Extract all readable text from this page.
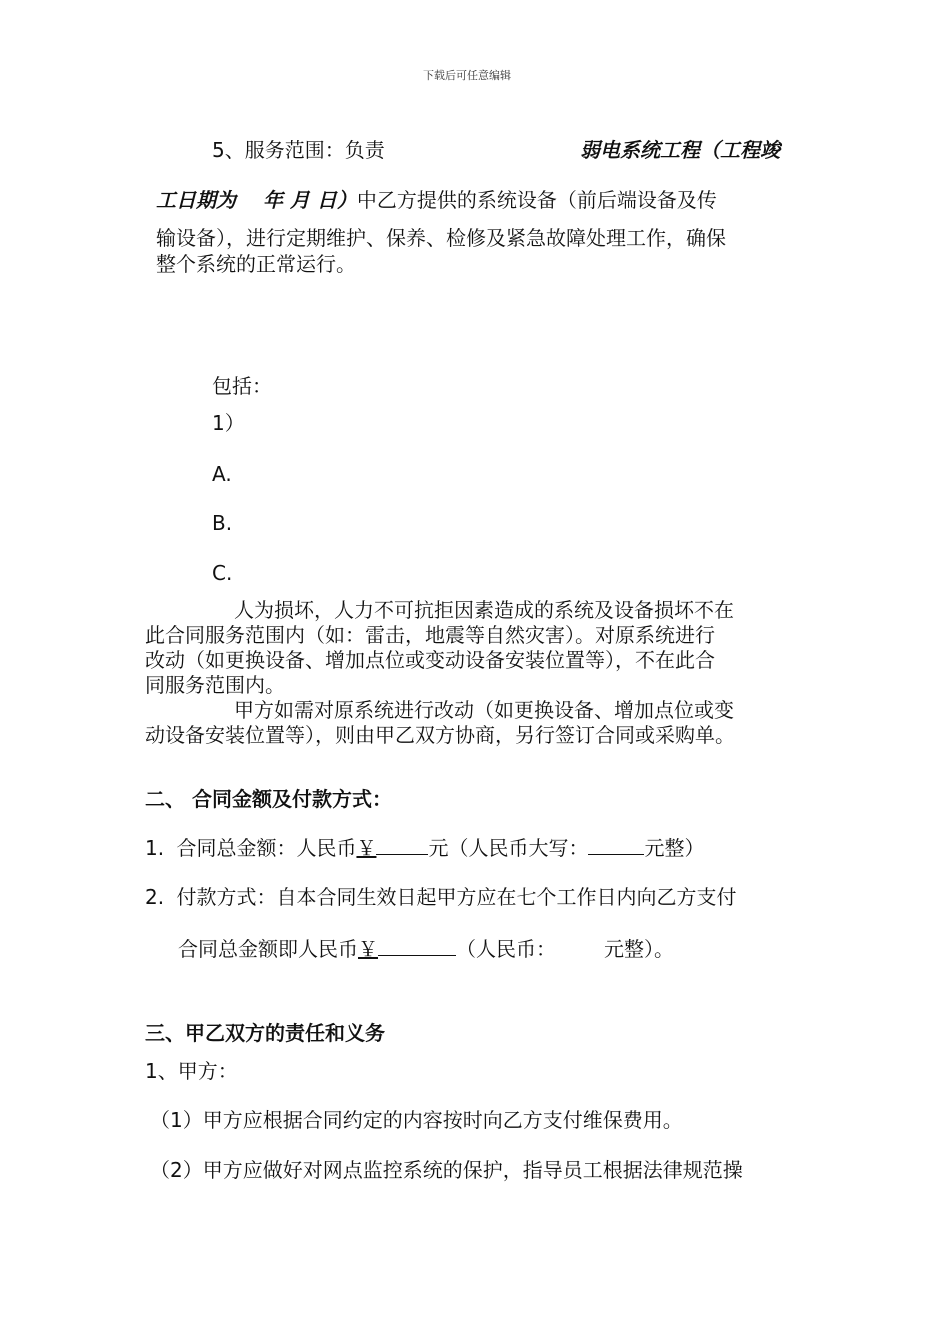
下载后可任意编辑
5、服务范围：负责	弱电系统工程（工程竣
工日期为　 年 月 日）中乙方提供的系统设备（前后端设备及传
输设备），进行定期维护、保养、检修及紧急故障处理工作，确保
整个系统的正常运行。
包括：
1）
A.
B.
C.
人为损坏，人力不可抗拒因素造成的系统及设备损坏不在
此合同服务范围内（如：雷击，地震等自然灾害）。对原系统进行
改动（如更换设备、增加点位或变动设备安装位置等），不在此合
同服务范围内。
甲方如需对原系统进行改动（如更换设备、增加点位或变
动设备安装位置等），则由甲乙双方协商，另行签订合同或采购单。
二、 合同金额及付款方式：
1. 合同总金额：人民币￥	元（人民币大写：	元整）
2. 付款方式：自本合同生效日起甲方应在七个工作日内向乙方支付
合同总金额即人民币￥	（人民币： 元整）。
三、甲乙双方的责任和义务
1、甲方：
（1）甲方应根据合同约定的内容按时向乙方支付维保费用。
（2）甲方应做好对网点监控系统的保护，指导员工根据法律规范操
